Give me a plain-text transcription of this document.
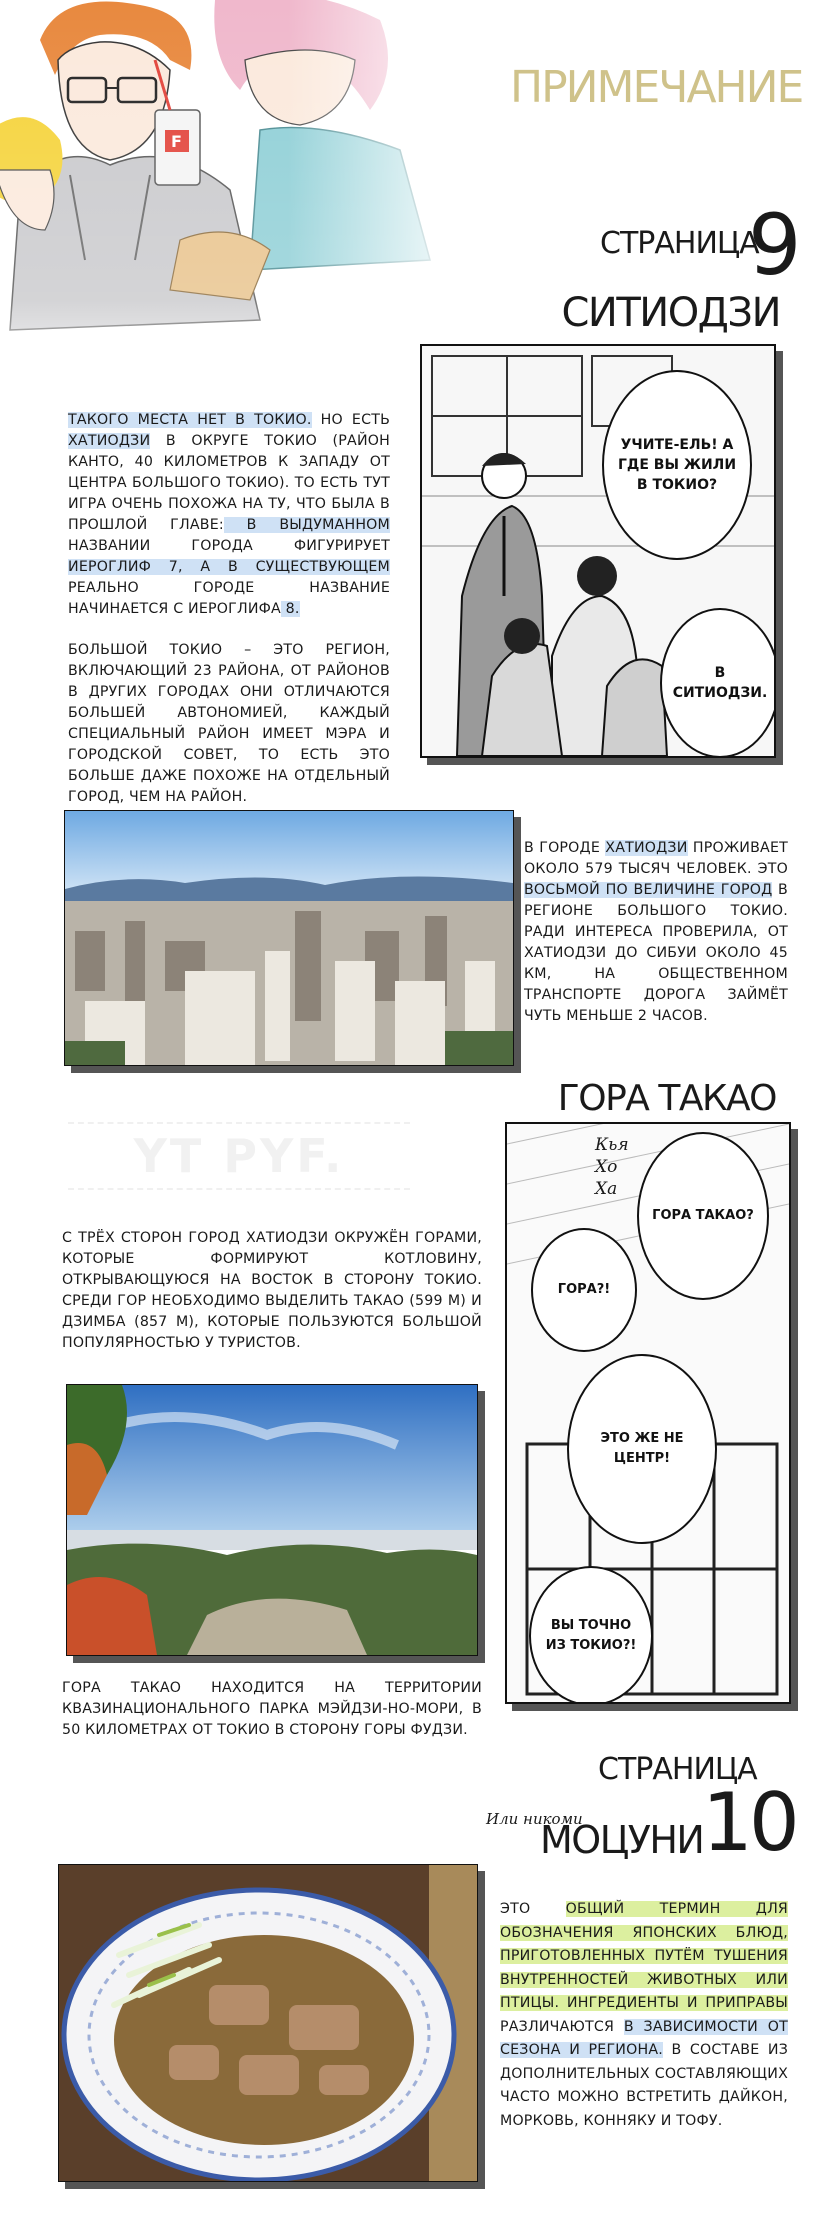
ПРИМЕЧАНИЕ
СТРАНИЦА
9
СИТИОДЗИ
УЧИТЕ-ЕЛЬ! А ГДЕ ВЫ ЖИЛИ В ТОКИО?
В СИТИОДЗИ.
ТАКОГО МЕСТА НЕТ В ТОКИО. НО ЕСТЬ ХАТИОДЗИ В ОКРУГЕ ТОКИО (РАЙОН КАНТО, 40 КИЛОМЕТРОВ К ЗАПАДУ ОТ ЦЕНТРА БОЛЬШОГО ТОКИО). ТО ЕСТЬ ТУТ ИГРА ОЧЕНЬ ПОХОЖА НА ТУ, ЧТО БЫЛА В ПРОШЛОЙ ГЛАВЕ: В ВЫДУМАННОМ НАЗВАНИИ ГОРОДА ФИГУРИРУЕТ ИЕРОГЛИФ 7, А В СУЩЕСТВУЮЩЕМ РЕАЛЬНО ГОРОДЕ НАЗВАНИЕ НАЧИНАЕТСЯ С ИЕРОГЛИФА 8.
БОЛЬШОЙ ТОКИО – ЭТО РЕГИОН, ВКЛЮЧАЮЩИЙ 23 РАЙОНА, ОТ РАЙОНОВ В ДРУГИХ ГОРОДАХ ОНИ ОТЛИЧАЮТСЯ БОЛЬШЕЙ АВТОНОМИЕЙ, КАЖДЫЙ СПЕЦИАЛЬНЫЙ РАЙОН ИМЕЕТ МЭРА И ГОРОДСКОЙ СОВЕТ, ТО ЕСТЬ ЭТО БОЛЬШЕ ДАЖЕ ПОХОЖЕ НА ОТДЕЛЬНЫЙ ГОРОД, ЧЕМ НА РАЙОН.
В ГОРОДЕ ХАТИОДЗИ ПРОЖИВАЕТ ОКОЛО 579 ТЫСЯЧ ЧЕЛОВЕК. ЭТО ВОСЬМОЙ ПО ВЕЛИЧИНЕ ГОРОД В РЕГИОНЕ БОЛЬШОГО ТОКИО. РАДИ ИНТЕРЕСА ПРОВЕРИЛА, ОТ ХАТИОДЗИ ДО СИБУИ ОКОЛО 45 КМ, НА ОБЩЕСТВЕННОМ ТРАНСПОРТЕ ДОРОГА ЗАЙМЁТ ЧУТЬ МЕНЬШЕ 2 ЧАСОВ.
ГОРА ТАКАО
YT PYF.
С ТРЁХ СТОРОН ГОРОД ХАТИОДЗИ ОКРУЖЁН ГОРАМИ, КОТОРЫЕ ФОРМИРУЮТ КОТЛОВИНУ, ОТКРЫВАЮЩУЮСЯ НА ВОСТОК В СТОРОНУ ТОКИО. СРЕДИ ГОР НЕОБХОДИМО ВЫДЕЛИТЬ ТАКАО (599 М) И ДЗИМБА (857 М), КОТОРЫЕ ПОЛЬЗУЮТСЯ БОЛЬШОЙ ПОПУЛЯРНОСТЬЮ У ТУРИСТОВ.
ГОРА ТАКАО НАХОДИТСЯ НА ТЕРРИТОРИИ КВАЗИНАЦИОНАЛЬНОГО ПАРКА МЭЙДЗИ-НО-МОРИ, В 50 КИЛОМЕТРАХ ОТ ТОКИО В СТОРОНУ ГОРЫ ФУДЗИ.
Кья Хо Ха
ГОРА ТАКАО?
ГОРА?!
ЭТО ЖЕ НЕ ЦЕНТР!
ВЫ ТОЧНО ИЗ ТОКИО?!
СТРАНИЦА
Или никоми
МОЦУНИ
10
ЭТО ОБЩИЙ ТЕРМИН ДЛЯ ОБОЗНАЧЕНИЯ ЯПОНСКИХ БЛЮД, ПРИГОТОВЛЕННЫХ ПУТЁМ ТУШЕНИЯ ВНУТРЕННОСТЕЙ ЖИВОТНЫХ ИЛИ ПТИЦЫ. ИНГРЕДИЕНТЫ И ПРИПРАВЫ РАЗЛИЧАЮТСЯ В ЗАВИСИМОСТИ ОТ СЕЗОНА И РЕГИОНА. В СОСТАВЕ ИЗ ДОПОЛНИТЕЛЬНЫХ СОСТАВЛЯЮЩИХ ЧАСТО МОЖНО ВСТРЕТИТЬ ДАЙКОН, МОРКОВЬ, КОННЯКУ И ТОФУ.
